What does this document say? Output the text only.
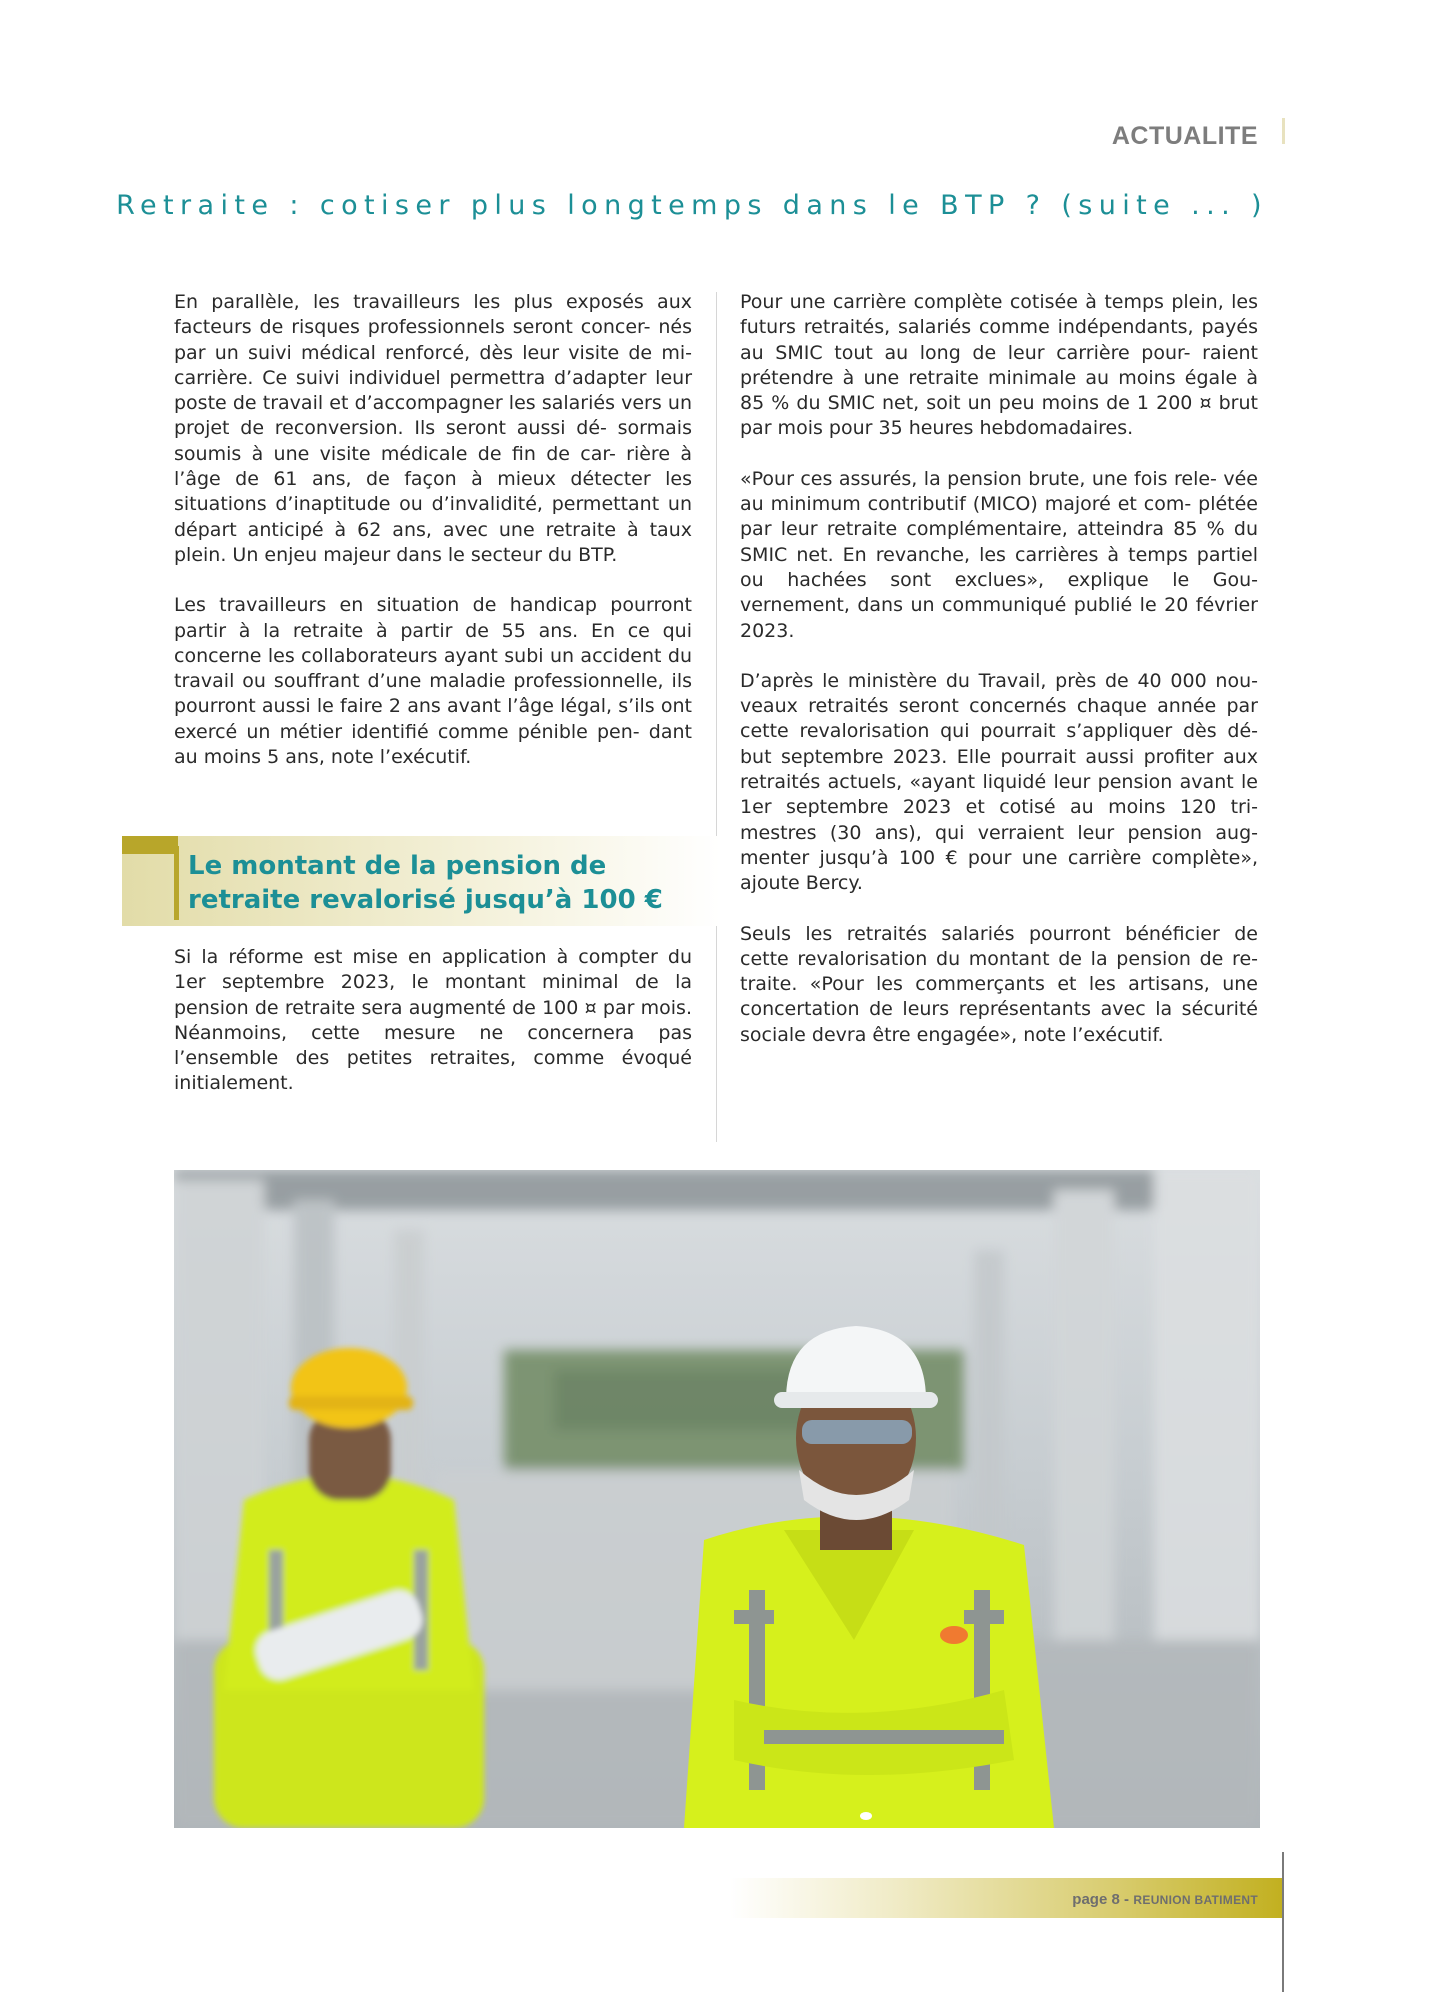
ACTUALITE
Retraite : cotiser plus longtemps dans le BTP ? (suite ... )

En parallèle, les travailleurs les plus exposés aux facteurs de risques professionnels seront concer- nés par un suivi médical renforcé, dès leur visite de mi-carrière. Ce suivi individuel permettra d’adapter leur poste de travail et d’accompagner les salariés vers un projet de reconversion. Ils seront aussi dé- sormais soumis à une visite médicale de fin de car- rière à l’âge de 61 ans, de façon à mieux détecter les situations d’inaptitude ou d’invalidité, permettant un départ anticipé à 62 ans, avec une retraite à taux plein. Un enjeu majeur dans le secteur du BTP.

Les travailleurs en situation de handicap pourront partir à la retraite à partir de 55 ans. En ce qui concerne les collaborateurs ayant subi un accident du travail ou souffrant d’une maladie professionnelle, ils pourront aussi le faire 2 ans avant l’âge légal, s’ils ont exercé un métier identifié comme pénible pen- dant au moins 5 ans, note l’exécutif.

Le montant de la pension de retraite revalorisé jusqu’à 100 €

Si la réforme est mise en application à compter du 1er septembre 2023, le montant minimal de la pension de retraite sera augmenté de 100 ¤ par mois. Néanmoins, cette mesure ne concernera pas l’ensemble des petites retraites, comme évoqué initialement.

Pour une carrière complète cotisée à temps plein, les futurs retraités, salariés comme indépendants, payés au SMIC tout au long de leur carrière pour- raient prétendre à une retraite minimale au moins égale à 85 % du SMIC net, soit un peu moins de 1 200 ¤ brut par mois pour 35 heures hebdomadaires.

«Pour ces assurés, la pension brute, une fois rele- vée au minimum contributif (MICO) majoré et com- plétée par leur retraite complémentaire, atteindra 85 % du SMIC net. En revanche, les carrières à temps partiel ou hachées sont exclues», explique le Gou- vernement, dans un communiqué publié le 20 février 2023.

D’après le ministère du Travail, près de 40 000 nou- veaux retraités seront concernés chaque année par cette revalorisation qui pourrait s’appliquer dès dé- but septembre 2023. Elle pourrait aussi profiter aux retraités actuels, «ayant liquidé leur pension avant le 1er septembre 2023 et cotisé au moins 120 tri- mestres (30 ans), qui verraient leur pension aug- menter jusqu’à 100 € pour une carrière complète», ajoute Bercy.

Seuls les retraités salariés pourront bénéficier de cette revalorisation du montant de la pension de re- traite. «Pour les commerçants et les artisans, une concertation de leurs représentants avec la sécurité sociale devra être engagée», note l’exécutif.

page 8 - REUNION BATIMENT
